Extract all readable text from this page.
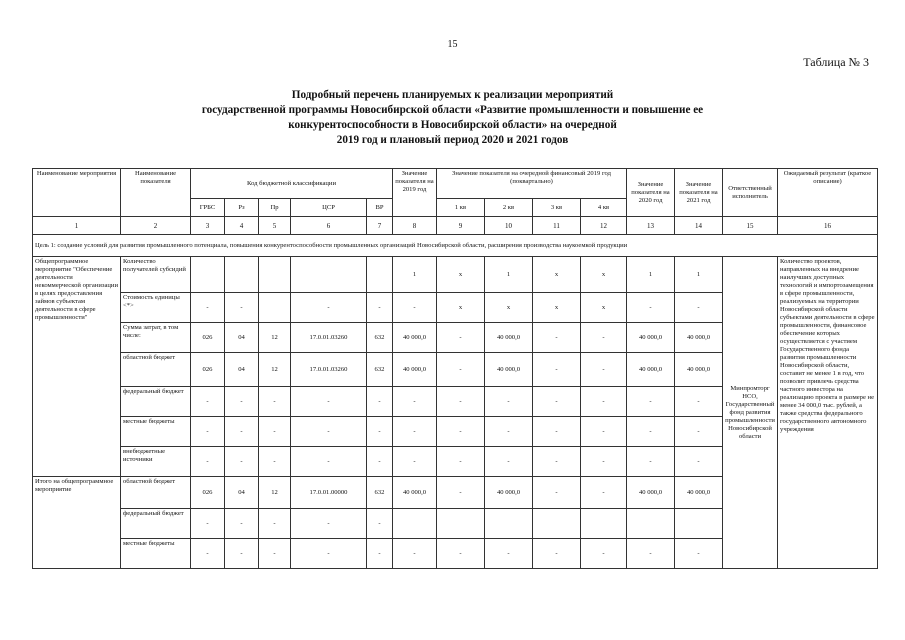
15
Таблица № 3
Подробный перечень планируемых к реализации мероприятий
государственной программы Новосибирской области «Развитие промышленности и повышение ее
конкурентоспособности в Новосибирской области» на очередной
2019 год и плановый период 2020 и 2021 годов
Наименование мероприятия	Наименование показателя	Код бюджетной классификации					Значение показателя на 2019 год	Значение показателя на очередной финансовый 2019 год (поквартально)				Значение показателя на 2020 год	Значение показателя на 2021 год	Ответственный исполнитель	Ожидаемый результат (краткое описание)
		ГРБС	Рз	Пр	ЦСР	ВР		1 кв	2 кв	3 кв	4 кв				
1	2	3	4	5	6	7	8	9	10	11	12	13	14	15	16
Цель 1: создание условий для развития промышленного потенциала, повышения конкурентоспособности промышленных организаций Новосибирской области, расширения производства наукоемкой продукции															
Общепрограммное мероприятие "Обеспечение деятельности некоммерческой организации в целях предоставления займов субъектам деятельности в сфере промышленности"	Количество получателей субсидий						1	х	1	х	х	1	1	Минпромторг НСО, Государственный фонд развития промышленности Новосибирской области	Количество проектов, направленных на внедрение наилучших доступных технологий и импортозамещения в сфере промышленности, реализуемых на территории Новосибирской области субъектами деятельности в сфере промышленности, финансовое обеспечение которых осуществляется с участием Государственного фонда развития промышленности Новосибирской области, составит не менее 1 в год, что позволит привлечь средства частного инвестора на реализацию проекта в размере не менее 34 000,0 тыс. рублей, а также средства федерального государственного автономного учреждения
	Стоимость единицы <*>	-	-		-	-	-	х	х	х	х	-	-		
	Сумма затрат, в том числе:	026	04	12	17.0.01.03260	632	40 000,0	-	40 000,0	-	-	40 000,0	40 000,0		
	областной бюджет	026	04	12	17.0.01.03260	632	40 000,0	-	40 000,0	-	-	40 000,0	40 000,0		
	федеральный бюджет	-	-	-	-	-	-	-	-	-	-	-	-		
	местные бюджеты	-	-	-	-	-	-	-	-	-	-	-	-		
	внебюджетные источники	-	-	-	-	-	-	-	-	-	-	-	-		
Итого на общепрограммное мероприятие	областной бюджет	026	04	12	17.0.01.00000	632	40 000,0	-	40 000,0	-	-	40 000,0	40 000,0		
	федеральный бюджет	-	-	-	-	-									
	местные бюджеты	-	-	-	-	-	-	-	-	-	-	-	-		
